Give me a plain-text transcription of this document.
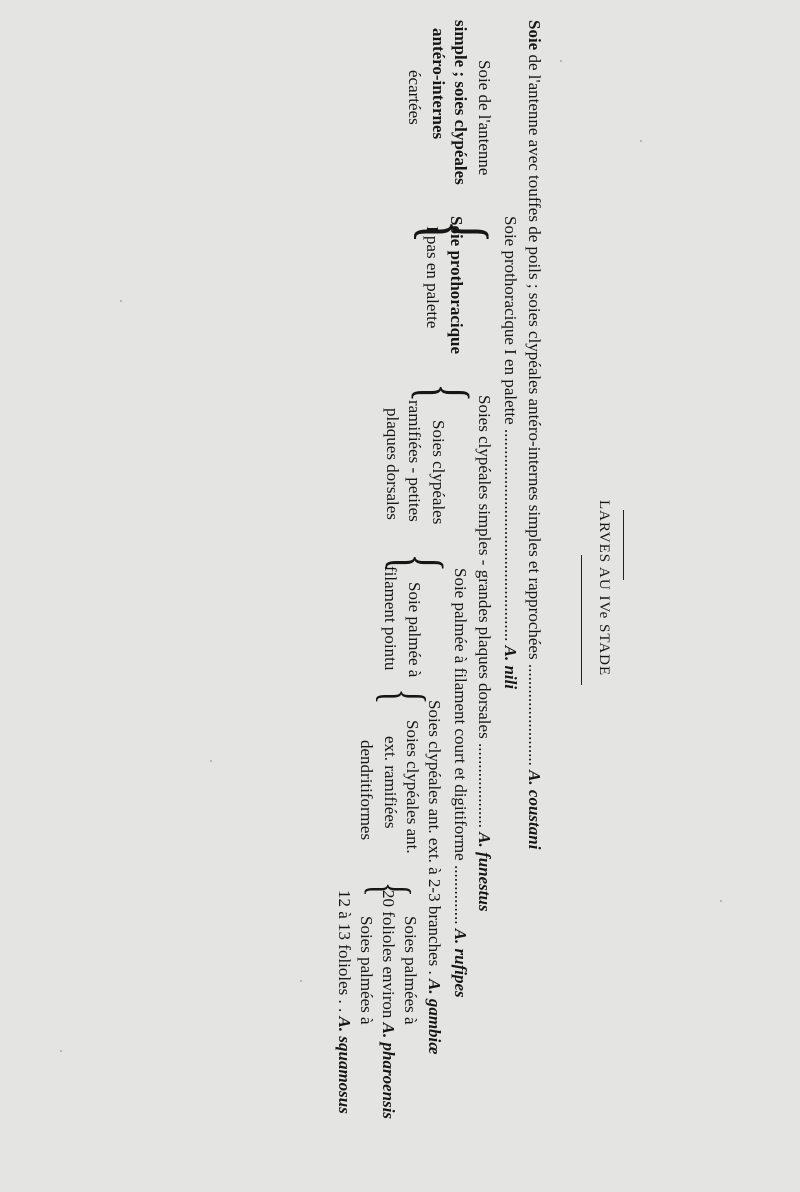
LARVES AU IVe STADE
Soie de l'antenne avec touffes de poils ; soies clypéales antéro-internes simples et rapprochées ........................ A. coustani
Soie de l'antenne
simple ; soies clypéales
antéro-internes
écartées
{
Soie prothoracique I en palette .................................................. A. nili
Soie prothoracique
I pas en palette
{
Soies clypéales simples - grandes plaques dorsales .................... A. funestus
Soies clypéales
ramifiées - petites
plaques dorsales
{
Soie palmée à filament court et digitiforme .............. A. rufipes
Soie palmée à
filament pointu
{
Soies clypéales ant. ext. à 2-3 branches . A. gambiæ
Soies clypéales ant.
ext. ramifiées
dendritiformes
{
Soies palmées à
20 folioles environ A. pharoensis
Soies palmées à
12 à 13 folioles . . A. squamosus
